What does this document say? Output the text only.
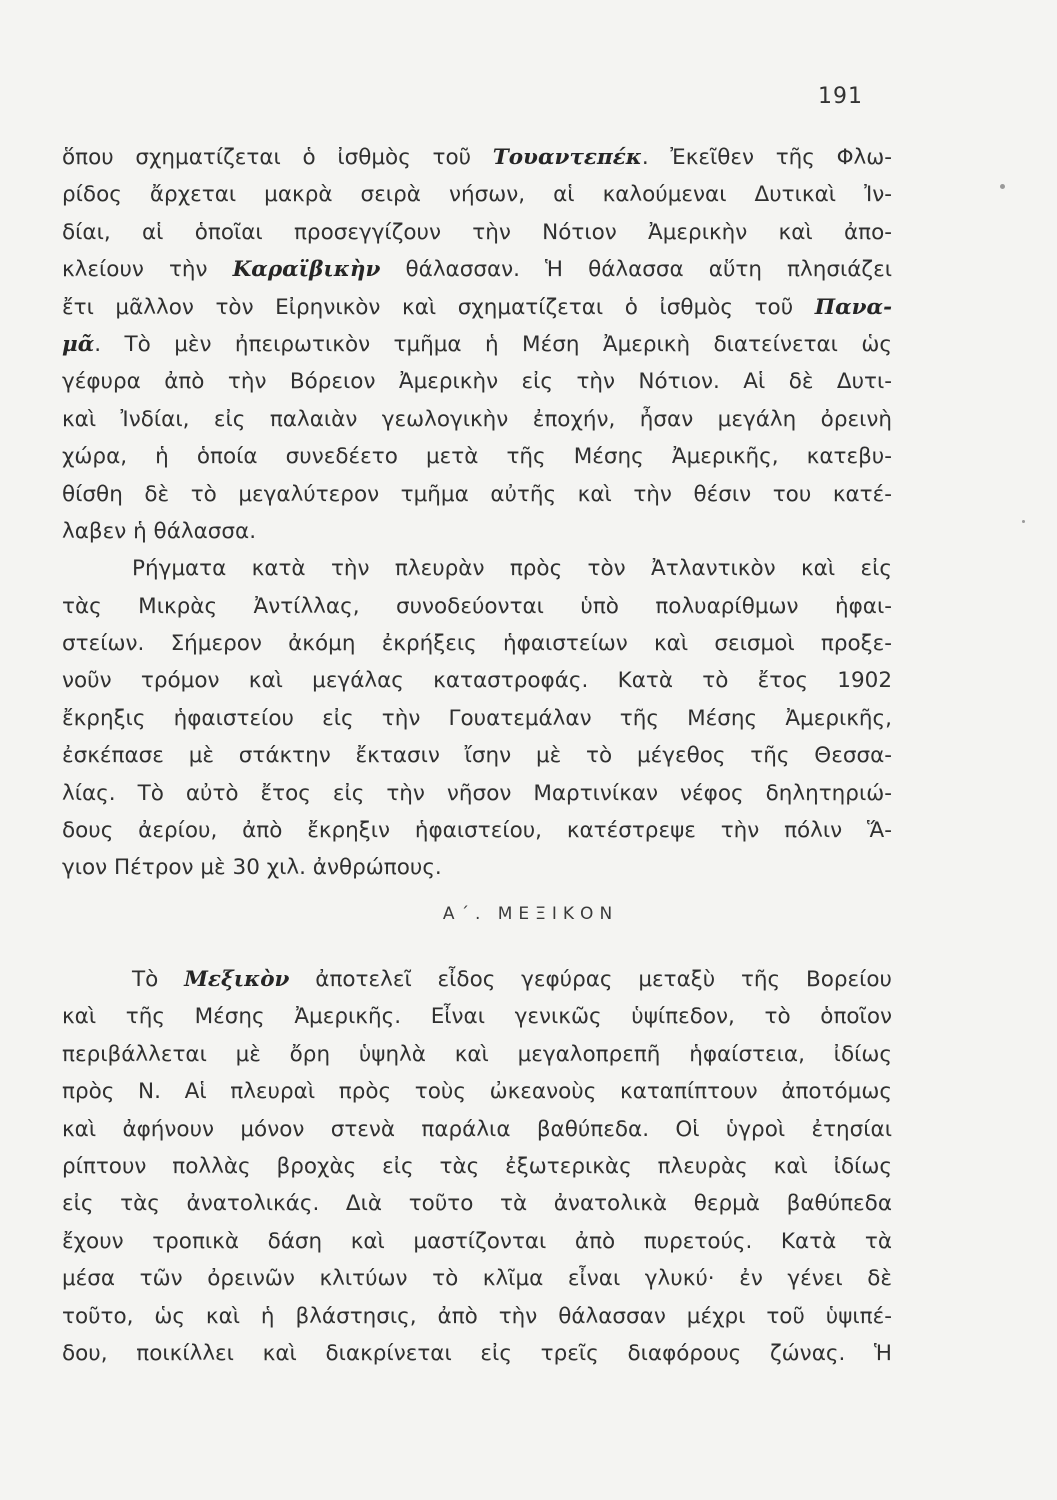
191
ὅπου σχηματίζεται ὁ ἰσθμὸς τοῦ Τουαντεπέκ. Ἐκεῖθεν τῆς Φλω-
ρίδος ἄρχεται μακρὰ σειρὰ νήσων, αἱ καλούμεναι Δυτικαὶ Ἰν-
δίαι, αἱ ὁποῖαι προσεγγίζουν τὴν Νότιον Ἀμερικὴν καὶ ἀπο-
κλείουν τὴν Καραϊβικὴν θάλασσαν. Ἡ θάλασσα αὕτη πλησιάζει
ἔτι μᾶλλον τὸν Εἰρηνικὸν καὶ σχηματίζεται ὁ ἰσθμὸς τοῦ Πανα-
μᾶ. Τὸ μὲν ἠπειρωτικὸν τμῆμα ἡ Μέση Ἀμερικὴ διατείνεται ὡς
γέφυρα ἀπὸ τὴν Βόρειον Ἀμερικὴν εἰς τὴν Νότιον. Αἱ δὲ Δυτι-
καὶ Ἰνδίαι, εἰς παλαιὰν γεωλογικὴν ἐποχήν, ἦσαν μεγάλη ὀρεινὴ
χώρα, ἡ ὁποία συνεδέετο μετὰ τῆς Μέσης Ἀμερικῆς, κατεβυ-
θίσθη δὲ τὸ μεγαλύτερον τμῆμα αὐτῆς καὶ τὴν θέσιν του κατέ-
λαβεν ἡ θάλασσα.
Ρήγματα κατὰ τὴν πλευρὰν πρὸς τὸν Ἀτλαντικὸν καὶ εἰς
τὰς Μικρὰς Ἀντίλλας, συνοδεύονται ὑπὸ πολυαρίθμων ἡφαι-
στείων. Σήμερον ἀκόμη ἐκρήξεις ἡφαιστείων καὶ σεισμοὶ προξε-
νοῦν τρόμον καὶ μεγάλας καταστροφάς. Κατὰ τὸ ἔτος 1902
ἔκρηξις ἡφαιστείου εἰς τὴν Γουατεμάλαν τῆς Μέσης Ἀμερικῆς,
ἐσκέπασε μὲ στάκτην ἔκτασιν ἴσην μὲ τὸ μέγεθος τῆς Θεσσα-
λίας. Τὸ αὐτὸ ἔτος εἰς τὴν νῆσον Μαρτινίκαν νέφος δηλητηριώ-
δους ἀερίου, ἀπὸ ἔκρηξιν ἡφαιστείου, κατέστρεψε τὴν πόλιν Ἅ-
γιον Πέτρον μὲ 30 χιλ. ἀνθρώπους.
Α΄. ΜΕΞΙΚΟΝ
Τὸ Μεξικὸν ἀποτελεῖ εἶδος γεφύρας μεταξὺ τῆς Βορείου
καὶ τῆς Μέσης Ἀμερικῆς. Εἶναι γενικῶς ὑψίπεδον, τὸ ὁποῖον
περιβάλλεται μὲ ὄρη ὑψηλὰ καὶ μεγαλοπρεπῆ ἡφαίστεια, ἰδίως
πρὸς Ν. Αἱ πλευραὶ πρὸς τοὺς ὠκεανοὺς καταπίπτουν ἀποτόμως
καὶ ἀφήνουν μόνον στενὰ παράλια βαθύπεδα. Οἱ ὑγροὶ ἐτησίαι
ρίπτουν πολλὰς βροχὰς εἰς τὰς ἐξωτερικὰς πλευρὰς καὶ ἰδίως
εἰς τὰς ἀνατολικάς. Διὰ τοῦτο τὰ ἀνατολικὰ θερμὰ βαθύπεδα
ἔχουν τροπικὰ δάση καὶ μαστίζονται ἀπὸ πυρετούς. Κατὰ τὰ
μέσα τῶν ὀρεινῶν κλιτύων τὸ κλῖμα εἶναι γλυκύ· ἐν γένει δὲ
τοῦτο, ὡς καὶ ἡ βλάστησις, ἀπὸ τὴν θάλασσαν μέχρι τοῦ ὑψιπέ-
δου, ποικίλλει καὶ διακρίνεται εἰς τρεῖς διαφόρους ζώνας. Ἡ
